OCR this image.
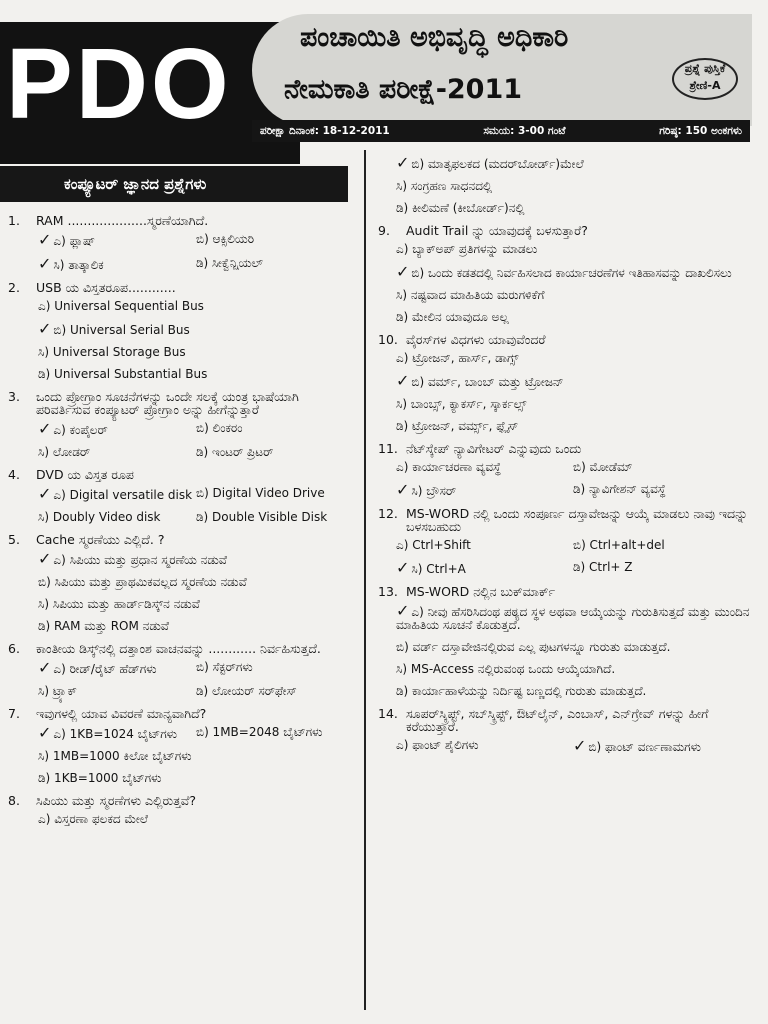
PDO	ಪಂಚಾಯಿತಿ ಅಭಿವೃದ್ಧಿ ಅಧಿಕಾರಿ
ನೇಮಕಾತಿ ಪರೀಕ್ಷೆ-2011
ಪ್ರಶ್ನೆ ಪುಸ್ತಿಕೆ
ಶ್ರೇಣಿ-A
ಪರೀಕ್ಷಾ ದಿನಾಂಕ: 18-12-2011	ಸಮಯ: 3-00 ಗಂಟೆ	ಗರಿಷ್ಠ: 150 ಅಂಕಗಳು
ಕಂಪ್ಯೂಟರ್ ಜ್ಞಾನದ ಪ್ರಶ್ನೆಗಳು
1.	RAM ....................ಸ್ಮರಣೆಯಾಗಿದೆ.
✓ ಎ) ಫ್ಲಾಷ್	ಬಿ) ಆಕ್ಸಿಲಿಯರಿ
✓ ಸಿ) ತಾತ್ಕಾಲಿಕ	ಡಿ) ಸೀಕ್ವೆನ್ಷಿಯಲ್
2.	USB ಯ ವಿಸ್ತತರೂಪ............
ಎ) Universal Sequential Bus
✓ ಬಿ) Universal Serial Bus
ಸಿ) Universal Storage Bus
ಡಿ) Universal Substantial Bus
3.	ಒಂದು ಪ್ರೋಗ್ರಾಂ ಸೂಚನೆಗಳನ್ನು ಒಂದೇ ಸಲಕ್ಕೆ ಯಂತ್ರ ಭಾಷೆಯಾಗಿ ಪರಿವರ್ತಿಸುವ ಕಂಪ್ಯೂಟರ್ ಪ್ರೋಗ್ರಾಂ ಅನ್ನು ಹೀಗೆನ್ನುತ್ತಾರೆ
✓ ಎ) ಕಂಪೈಲರ್	ಬಿ) ಲಿಂಕರಂ
ಸಿ) ಲೋಡರ್	ಡಿ) ಇಂಟರ್ ಪ್ರಿಟರ್
4.	DVD ಯ ವಿಸ್ತತ ರೂಪ
✓ ಎ) Digital versatile disk ಬಿ) Digital Video Drive
ಸಿ) Doubly Video disk	ಡಿ) Double Visible Disk
5.	Cache ಸ್ಮರಣೆಯು ಎಲ್ಲಿದೆ. ?
✓ ಎ) ಸಿಪಿಯು ಮತ್ತು ಪ್ರಧಾನ ಸ್ಮರಣೆಯ ನಡುವೆ
ಬಿ) ಸಿಪಿಯು ಮತ್ತು ಪ್ರಾಥಮಿಕವಲ್ಲದ ಸ್ಮರಣೆಯ ನಡುವೆ
ಸಿ) ಸಿಪಿಯು ಮತ್ತು ಹಾರ್ಡ್‌ಡಿಸ್ಕ್‌ನ ನಡುವೆ
ಡಿ) RAM ಮತ್ತು ROM ನಡುವೆ
6.	ಕಾಂತೀಯ ಡಿಸ್ಕ್‌ನಲ್ಲಿ ದತ್ತಾಂಶ ವಾಚನವನ್ನು ............ ನಿರ್ವಹಿಸುತ್ತದೆ.
✓ ಎ) ರೀಡ್/ರೈಟ್ ಹೆಡ್‌ಗಳು	ಬಿ) ಸೆಕ್ಟರ್‌ಗಳು
ಸಿ) ಟ್ರ್ಯಾಕ್	ಡಿ) ಲೋಯರ್ ಸರ್‌ಫೇಸ್
7.	ಇವುಗಳಲ್ಲಿ ಯಾವ ವಿವರಣೆ ಮಾನ್ಯವಾಗಿದೆ?
✓ ಎ) 1KB=1024 ಬೈಟ್‌ಗಳು	ಬಿ) 1MB=2048 ಬೈಟ್‌ಗಳು
ಸಿ) 1MB=1000 ಕಿಲೋ ಬೈಟ್‌ಗಳು
ಡಿ) 1KB=1000 ಬೈಟ್‌ಗಳು
8.	ಸಿಪಿಯು ಮತ್ತು ಸ್ಮರಣೆಗಳು ಎಲ್ಲಿರುತ್ತವೆ?
ಎ) ವಿಸ್ತರಣಾ ಫಲಕದ ಮೇಲೆ
✓ ಬಿ) ಮಾತೃಫಲಕದ (ಮದರ್‌ಬೋರ್ಡ್)ಮೇಲೆ
ಸಿ) ಸಂಗ್ರಹಣ ಸಾಧನದಲ್ಲಿ
ಡಿ) ಕೀಲಿಮಣೆ (ಕೀಬೋರ್ಡ್)ನಲ್ಲಿ
9.	Audit Trail ನ್ನು ಯಾವುದಕ್ಕೆ ಬಳಸುತ್ತಾರೆ?
ಎ) ಬ್ಯಾಕ್‌ಅಪ್ ಪ್ರತಿಗಳನ್ನು ಮಾಡಲು
✓ ಬಿ) ಒಂದು ಕಡತದಲ್ಲಿ ನಿರ್ವಹಿಸಲಾದ ಕಾರ್ಯಾಚರಣೆಗಳ ಇತಿಹಾಸವನ್ನು ದಾಖಲಿಸಲು
ಸಿ) ನಷ್ಟವಾದ ಮಾಹಿತಿಯ ಮರುಗಳಿಕೆಗೆ
ಡಿ) ಮೇಲಿನ ಯಾವುದೂ ಅಲ್ಲ
10. ವೈರಸ್‌ಗಳ ವಿಧಗಳು ಯಾವುವೆಂದರೆ
ಎ) ಟ್ರೋಜನ್, ಹಾರ್ಸ್, ಡಾಗ್ಸ್
✓ ಬಿ) ವರ್ಮ್, ಬಾಂಬ್ ಮತ್ತು ಟ್ರೋಜನ್
ಸಿ) ಬಾಂಬ್ಸ್, ಕ್ಯಾಕರ್ಸ್, ಸ್ಕಾರ್ಕಲ್ಸ್
ಡಿ) ಟ್ರೋಜನ್, ವರ್ಮ್ಸ್, ಫ್ಲೈಸ್
11. ನೆಟ್‌ಸ್ಕೇಪ್ ನ್ಯಾವಿಗೇಟರ್ ಎನ್ನುವುದು ಒಂದು
ಎ) ಕಾರ್ಯಾಚರಣಾ ವ್ಯವಸ್ಥೆ	ಬಿ) ಮೋಡೆಮ್
✓ ಸಿ) ಬ್ರೌಸರ್	ಡಿ) ನ್ಯಾವಿಗೇಶನ್ ವ್ಯವಸ್ಥೆ
12. MS-WORD ನಲ್ಲಿ ಒಂದು ಸಂಪೂರ್ಣ ದಸ್ತಾವೇಜನ್ನು ಆಯ್ಕೆ ಮಾಡಲು ನಾವು ಇದನ್ನು ಬಳಸಬಹುದು
ಎ) Ctrl+Shift	ಬಿ) Ctrl+alt+del
✓ ಸಿ) Ctrl+A	ಡಿ) Ctrl+ Z
13. MS-WORD ನಲ್ಲಿನ ಬುಕ್‌ಮಾರ್ಕ್
✓ ಎ) ನೀವು ಹೆಸರಿಸಿದಂಥ ಪಠ್ಯದ ಸ್ಥಳ ಅಥವಾ ಆಯ್ಕೆಯನ್ನು ಗುರುತಿಸುತ್ತದೆ ಮತ್ತು ಮುಂದಿನ ಮಾಹಿತಿಯ ಸೂಚನೆ ಕೊಡುತ್ತದೆ.
ಬಿ) ವರ್ಡ್ ದಸ್ತಾವೇಜಿನಲ್ಲಿರುವ ಎಲ್ಲ ಪುಟಗಳನ್ನೂ ಗುರುತು ಮಾಡುತ್ತದೆ.
ಸಿ) MS-Access ನಲ್ಲಿರುವಂಥ ಒಂದು ಆಯ್ಕೆಯಾಗಿದೆ.
ಡಿ) ಕಾರ್ಯಾಹಾಳೆಯನ್ನು ನಿರ್ದಿಷ್ಟ ಬಣ್ಣದಲ್ಲಿ ಗುರುತು ಮಾಡುತ್ತದೆ.
14. ಸೂಪರ್‌ಸ್ಕ್ರಿಪ್ಟ್, ಸಬ್‌ಸ್ಕ್ರಿಪ್ಟ್, ಔಟ್‌ಲೈನ್, ಎಂಬಾಸ್, ಎನ್‌ಗ್ರೇವ್ ಗಳನ್ನು ಹೀಗೆ ಕರೆಯುತ್ತಾರೆ.
ಎ) ಫಾಂಟ್ ಶೈಲಿಗಳು	✓ ಬಿ) ಫಾಂಟ್ ವರ್ಣಣಾಮಗಳು
